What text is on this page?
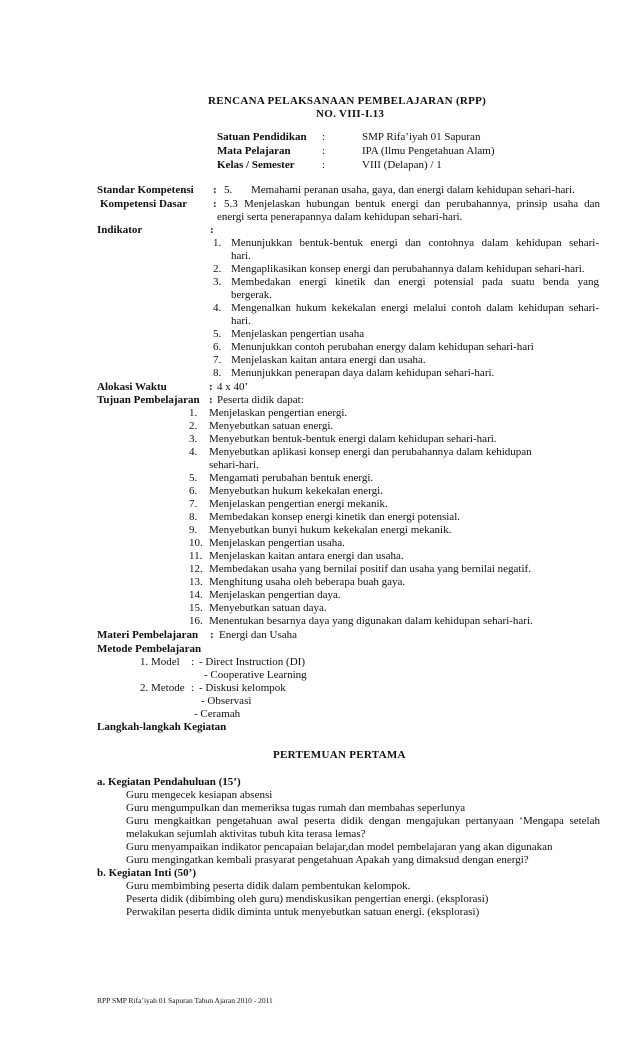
RENCANA PELAKSANAAN PEMBELAJARAN (RPP)
NO. VIII-I.13
Satuan Pendidikan :	SMP Rifa’iyah 01 Sapuran
Mata Pelajaran	:	IPA (Ilmu Pengetahuan Alam)
Kelas / Semester :	VIII (Delapan) / 1
Standar Kompetensi : 5. Memahami peranan usaha, gaya, dan energi dalam kehidupan sehari-hari.
Kompetensi Dasar : 5.3 Menjelaskan hubungan bentuk energi dan perubahannya, prinsip usaha dan
energi serta penerapannya dalam kehidupan sehari-hari.
Indikator	:
1. Menunjukkan bentuk-bentuk energi dan contohnya dalam kehidupan sehari-
hari.
2. Mengaplikasikan konsep energi dan perubahannya dalam kehidupan sehari-hari.
3. Membedakan energi kinetik dan energi potensial pada suatu benda yang
bergerak.
4. Mengenalkan hukum kekekalan energi melalui contoh dalam kehidupan sehari-
hari.
5. Menjelaskan pengertian usaha
6. Menunjukkan contoh perubahan energy dalam kehidupan sehari-hari
7. Menjelaskan kaitan antara energi dan usaha.
8. Menunjukkan penerapan daya dalam kehidupan sehari-hari.
Alokasi Waktu	: 4 x 40’
Tujuan Pembelajaran : Peserta didik dapat:
1. Menjelaskan pengertian energi.
2. Menyebutkan satuan energi.
3. Menyebutkan bentuk-bentuk energi dalam kehidupan sehari-hari.
4. Menyebutkan aplikasi konsep energi dan perubahannya dalam kehidupan
sehari-hari.
5. Mengamati perubahan bentuk energi.
6. Menyebutkan hukum kekekalan energi.
7. Menjelaskan pengertian energi mekanik.
8. Membedakan konsep energi kinetik dan energi potensial.
9. Menyebutkan bunyi hukum kekekalan energi mekanik.
10. Menjelaskan pengertian usaha.
11. Menjelaskan kaitan antara energi dan usaha.
12. Membedakan usaha yang bernilai positif dan usaha yang bernilai negatif.
13. Menghitung usaha oleh beberapa buah gaya.
14. Menjelaskan pengertian daya.
15. Menyebutkan satuan daya.
16. Menentukan besarnya daya yang digunakan dalam kehidupan sehari-hari.
Materi Pembelajaran : Energi dan Usaha
Metode Pembelajaran
1. Model : - Direct Instruction (DI)
- Cooperative Learning
2. Metode : - Diskusi kelompok
- Observasi
- Ceramah
Langkah-langkah Kegiatan
PERTEMUAN PERTAMA
a. Kegiatan Pendahuluan (15’)
Guru mengecek kesiapan absensi
Guru mengumpulkan dan memeriksa tugas rumah dan membahas seperlunya
Guru mengkaitkan pengetahuan awal peserta didik dengan mengajukan pertanyaan ‘Mengapa setelah
melakukan sejumlah aktivitas tubuh kita terasa lemas?
Guru menyampaikan indikator pencapaian belajar,dan model pembelajaran yang akan digunakan
Guru mengingatkan kembali prasyarat pengetahuan Apakah yang dimaksud dengan energi?
b. Kegiatan Inti (50’)
Guru membimbing peserta didik dalam pembentukan kelompok.
Peserta didik (dibimbing oleh guru) mendiskusikan pengertian energi. (eksplorasi)
Perwakilan peserta didik diminta untuk menyebutkan satuan energi. (eksplorasi)
RPP SMP Rifa’iyah 01 Sapuran Tahun Ajaran 2010 - 2011
